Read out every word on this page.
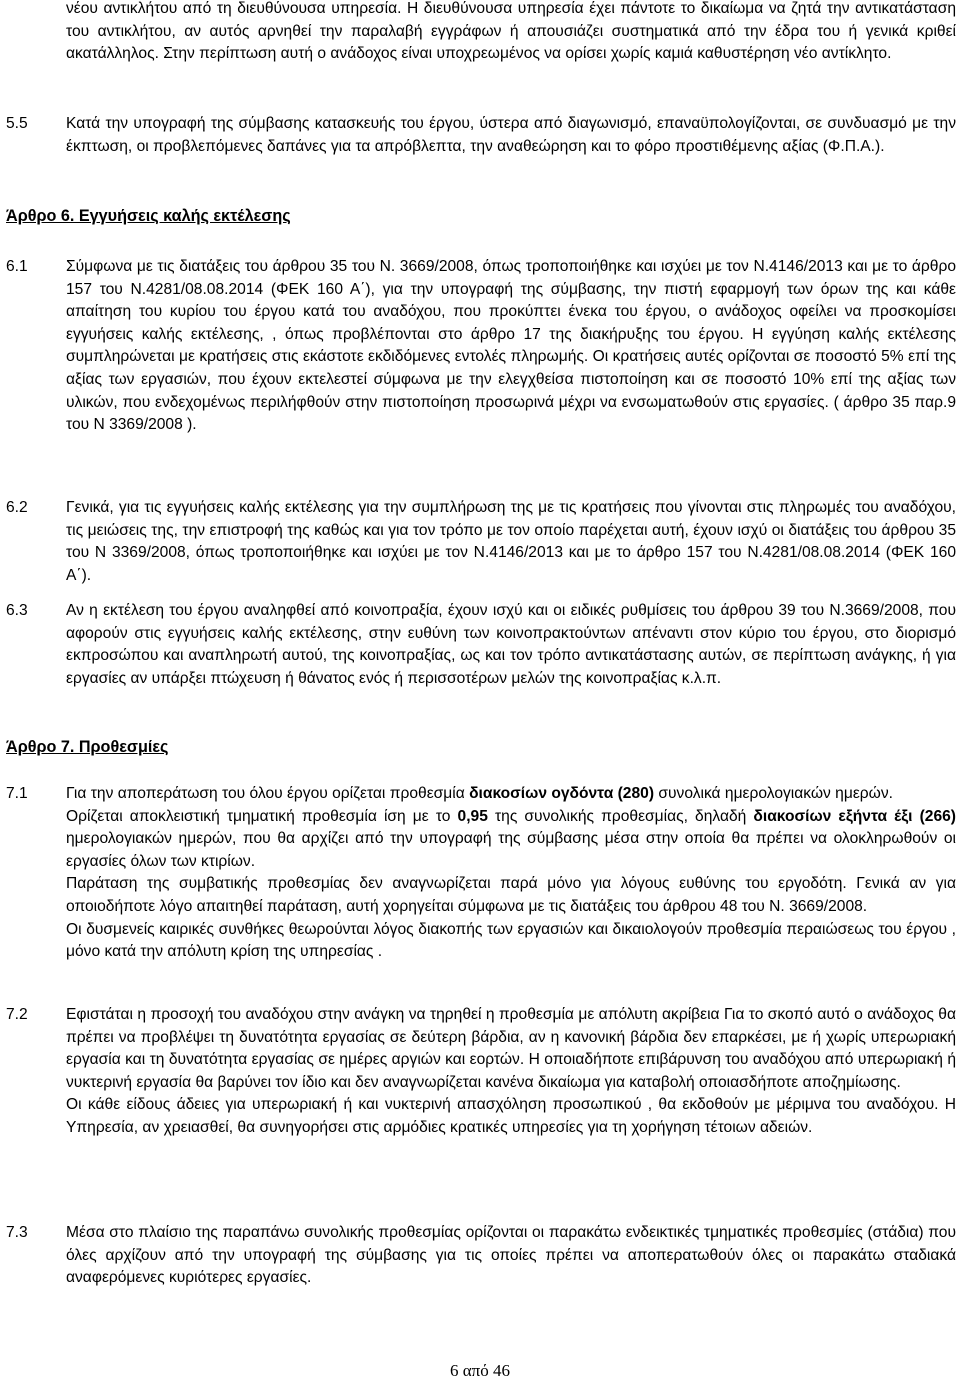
νέου αντικλήτου από τη διευθύνουσα υπηρεσία. Η διευθύνουσα υπηρεσία έχει πάντοτε το δικαίωμα να ζητά την αντικατάσταση του αντικλήτου, αν αυτός αρνηθεί την παραλαβή εγγράφων ή απουσιάζει συστηματικά από την έδρα του ή γενικά κριθεί ακατάλληλος. Στην περίπτωση αυτή ο ανάδοχος είναι υποχρεωμένος να ορίσει χωρίς καμιά καθυστέρηση νέο αντίκλητο.
5.5	Κατά την υπογραφή της σύμβασης κατασκευής του έργου, ύστερα από διαγωνισμό, επαναϋπολογίζονται, σε συνδυασμό με την έκπτωση, οι προβλεπόμενες δαπάνες για τα απρόβλεπτα, την αναθεώρηση και το φόρο προστιθέμενης αξίας (Φ.Π.Α.).
Άρθρο 6. Εγγυήσεις καλής εκτέλεσης
6.1	Σύμφωνα με τις διατάξεις του άρθρου 35 του Ν. 3669/2008, όπως τροποποιήθηκε και ισχύει με τον Ν.4146/2013 και με το άρθρο 157 του Ν.4281/08.08.2014 (ΦΕΚ 160 Α΄), για την υπογραφή της σύμβασης, την πιστή εφαρμογή των όρων της και κάθε απαίτηση του κυρίου του έργου κατά του αναδόχου, που προκύπτει ένεκα του έργου, ο ανάδοχος οφείλει να προσκομίσει εγγυήσεις καλής εκτέλεσης, , όπως προβλέπονται στο άρθρο 17 της διακήρυξης του έργου. Η εγγύηση καλής εκτέλεσης συμπληρώνεται με κρατήσεις στις εκάστοτε εκδιδόμενες εντολές πληρωμής. Οι κρατήσεις αυτές ορίζονται σε ποσοστό 5% επί της αξίας των εργασιών, που έχουν εκτελεστεί σύμφωνα με την ελεγχθείσα πιστοποίηση και σε ποσοστό 10% επί της αξίας των υλικών, που ενδεχομένως περιλήφθούν στην πιστοποίηση προσωρινά μέχρι να ενσωματωθούν στις εργασίες. ( άρθρο 35 παρ.9 του Ν 3369/2008 ).
6.2	Γενικά, για τις εγγυήσεις καλής εκτέλεσης για την συμπλήρωση της με τις κρατήσεις που γίνονται στις πληρωμές του αναδόχου, τις μειώσεις της, την επιστροφή της καθώς και για τον τρόπο με τον οποίο παρέχεται αυτή, έχουν ισχύ οι διατάξεις του άρθρου 35 του Ν 3369/2008, όπως τροποποιήθηκε και ισχύει με τον Ν.4146/2013 και με το άρθρο 157 του Ν.4281/08.08.2014 (ΦΕΚ 160 Α΄).
6.3	Αν η εκτέλεση του έργου αναληφθεί από κοινοπραξία, έχουν ισχύ και οι ειδικές ρυθμίσεις του άρθρου 39 του Ν.3669/2008, που αφορούν στις εγγυήσεις καλής εκτέλεσης, στην ευθύνη των κοινοπρακτούντων απέναντι στον κύριο του έργου, στο διορισμό εκπροσώπου και αναπληρωτή αυτού, της κοινοπραξίας, ως και τον τρόπο αντικατάστασης αυτών, σε περίπτωση ανάγκης, ή για εργασίες αν υπάρξει πτώχευση ή θάνατος ενός ή περισσοτέρων μελών της κοινοπραξίας κ.λ.π.
Άρθρο 7. Προθεσμίες
7.1	Για την αποπεράτωση του όλου έργου ορίζεται προθεσμία διακοσίων ογδόντα (280) συνολικά ημερολογιακών ημερών.
Ορίζεται αποκλειστική τμηματική προθεσμία ίση με το 0,95 της συνολικής προθεσμίας, δηλαδή διακοσίων εξήντα έξι (266) ημερολογιακών ημερών, που θα αρχίζει από την υπογραφή της σύμβασης μέσα στην οποία θα πρέπει να ολοκληρωθούν οι εργασίες όλων των κτιρίων.
Παράταση της συμβατικής προθεσμίας δεν αναγνωρίζεται παρά μόνο για λόγους ευθύνης του εργοδότη. Γενικά αν για οποιοδήποτε λόγο απαιτηθεί παράταση, αυτή χορηγείται σύμφωνα με τις διατάξεις του άρθρου 48 του Ν. 3669/2008.
Οι δυσμενείς καιρικές συνθήκες θεωρούνται λόγος διακοπής των εργασιών και δικαιολογούν προθεσμία περαιώσεως του έργου , μόνο κατά την απόλυτη κρίση της υπηρεσίας .
7.2	Εφιστάται η προσοχή του αναδόχου στην ανάγκη να τηρηθεί η προθεσμία με απόλυτη ακρίβεια Για το σκοπό αυτό ο ανάδοχος θα πρέπει να προβλέψει τη δυνατότητα εργασίας σε δεύτερη βάρδια, αν η κανονική βάρδια δεν επαρκέσει, με ή χωρίς υπερωριακή εργασία και τη δυνατότητα εργασίας σε ημέρες αργιών και εορτών. Η οποιαδήποτε επιβάρυνση του αναδόχου από υπερωριακή ή νυκτερινή εργασία θα βαρύνει τον ίδιο και δεν αναγνωρίζεται κανένα δικαίωμα για καταβολή οποιασδήποτε αποζημίωσης.
Οι κάθε είδους άδειες για υπερωριακή ή και νυκτερινή απασχόληση προσωπικού , θα εκδοθούν με μέριμνα του αναδόχου. Η Υπηρεσία, αν χρειασθεί, θα συνηγορήσει στις αρμόδιες κρατικές υπηρεσίες για τη χορήγηση τέτοιων αδειών.
7.3	Μέσα στο πλαίσιο της παραπάνω συνολικής προθεσμίας ορίζονται οι παρακάτω ενδεικτικές τμηματικές προθεσμίες (στάδια) που όλες αρχίζουν από την υπογραφή της σύμβασης για τις οποίες πρέπει να αποπερατωθούν όλες οι παρακάτω σταδιακά αναφερόμενες κυριότερες εργασίες.
6 από 46
